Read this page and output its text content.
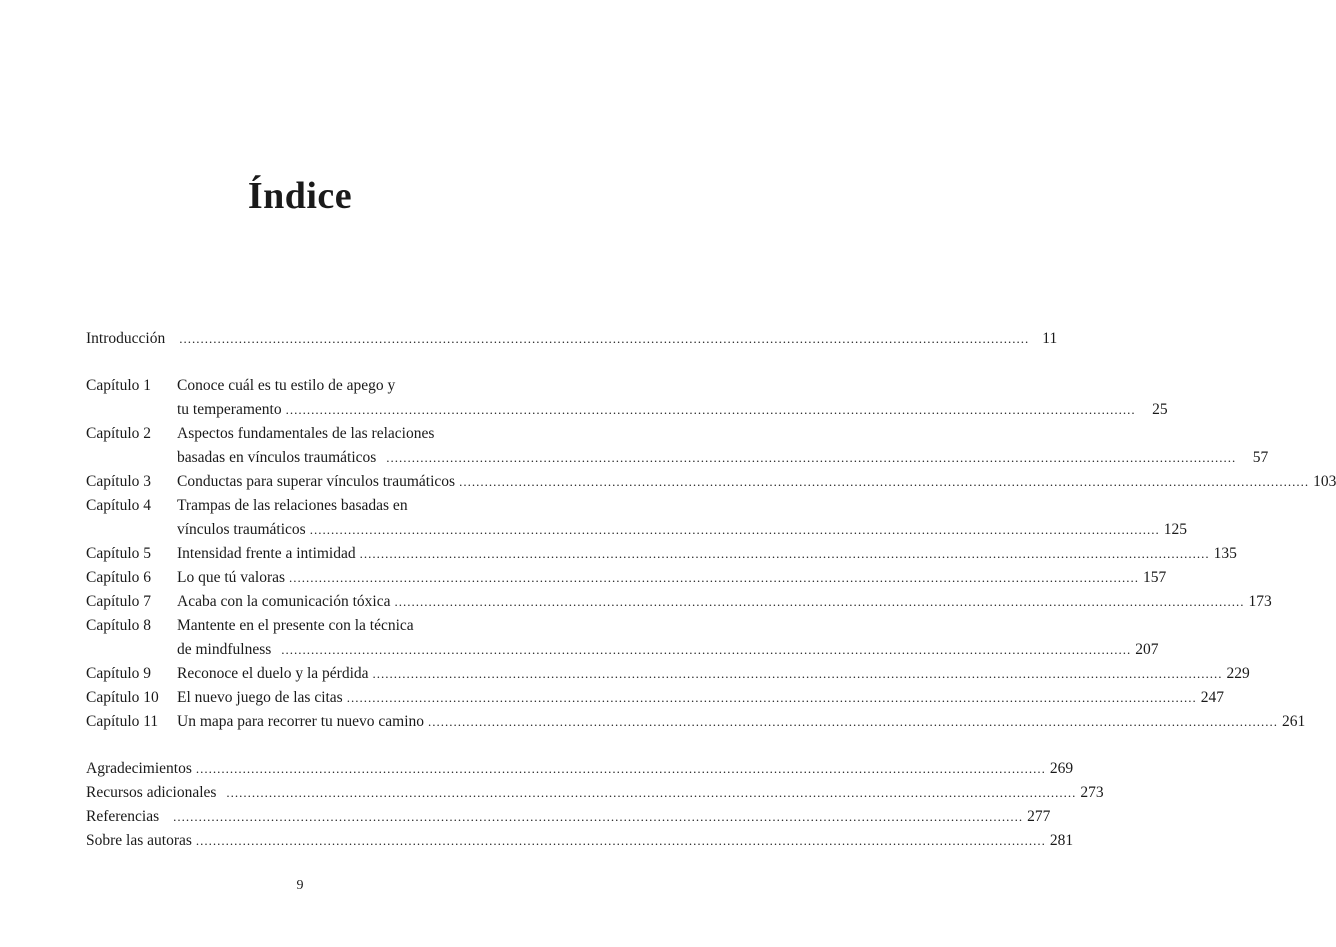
Índice
Introducción ........................................................................................................................................................................................................ 11
Capítulo 1	Conoce cuál es tu estilo de apego y
tu temperamento ........................................................................................................................................................................................................	25
Capítulo 2	Aspectos fundamentales de las relaciones
basadas en vínculos traumáticos ........................................................................................................................................................................................................	57
Capítulo 3	Conductas para superar vínculos traumáticos ........................................................................................................................................................................................................ 103
Capítulo 4	Trampas de las relaciones basadas en
vínculos traumáticos ........................................................................................................................................................................................................ 125
Capítulo 5	Intensidad frente a intimidad ........................................................................................................................................................................................................ 135
Capítulo 6	Lo que tú valoras ........................................................................................................................................................................................................ 157
Capítulo 7	Acaba con la comunicación tóxica ........................................................................................................................................................................................................ 173
Capítulo 8	Mantente en el presente con la técnica
de mindfulness ........................................................................................................................................................................................................ 207
Capítulo 9	Reconoce el duelo y la pérdida ........................................................................................................................................................................................................ 229
Capítulo 10	El nuevo juego de las citas ........................................................................................................................................................................................................ 247
Capítulo 11	Un mapa para recorrer tu nuevo camino ........................................................................................................................................................................................................ 261
Agradecimientos ........................................................................................................................................................................................................ 269
Recursos adicionales ........................................................................................................................................................................................................ 273
Referencias ........................................................................................................................................................................................................ 277
Sobre las autoras ........................................................................................................................................................................................................ 281
9
